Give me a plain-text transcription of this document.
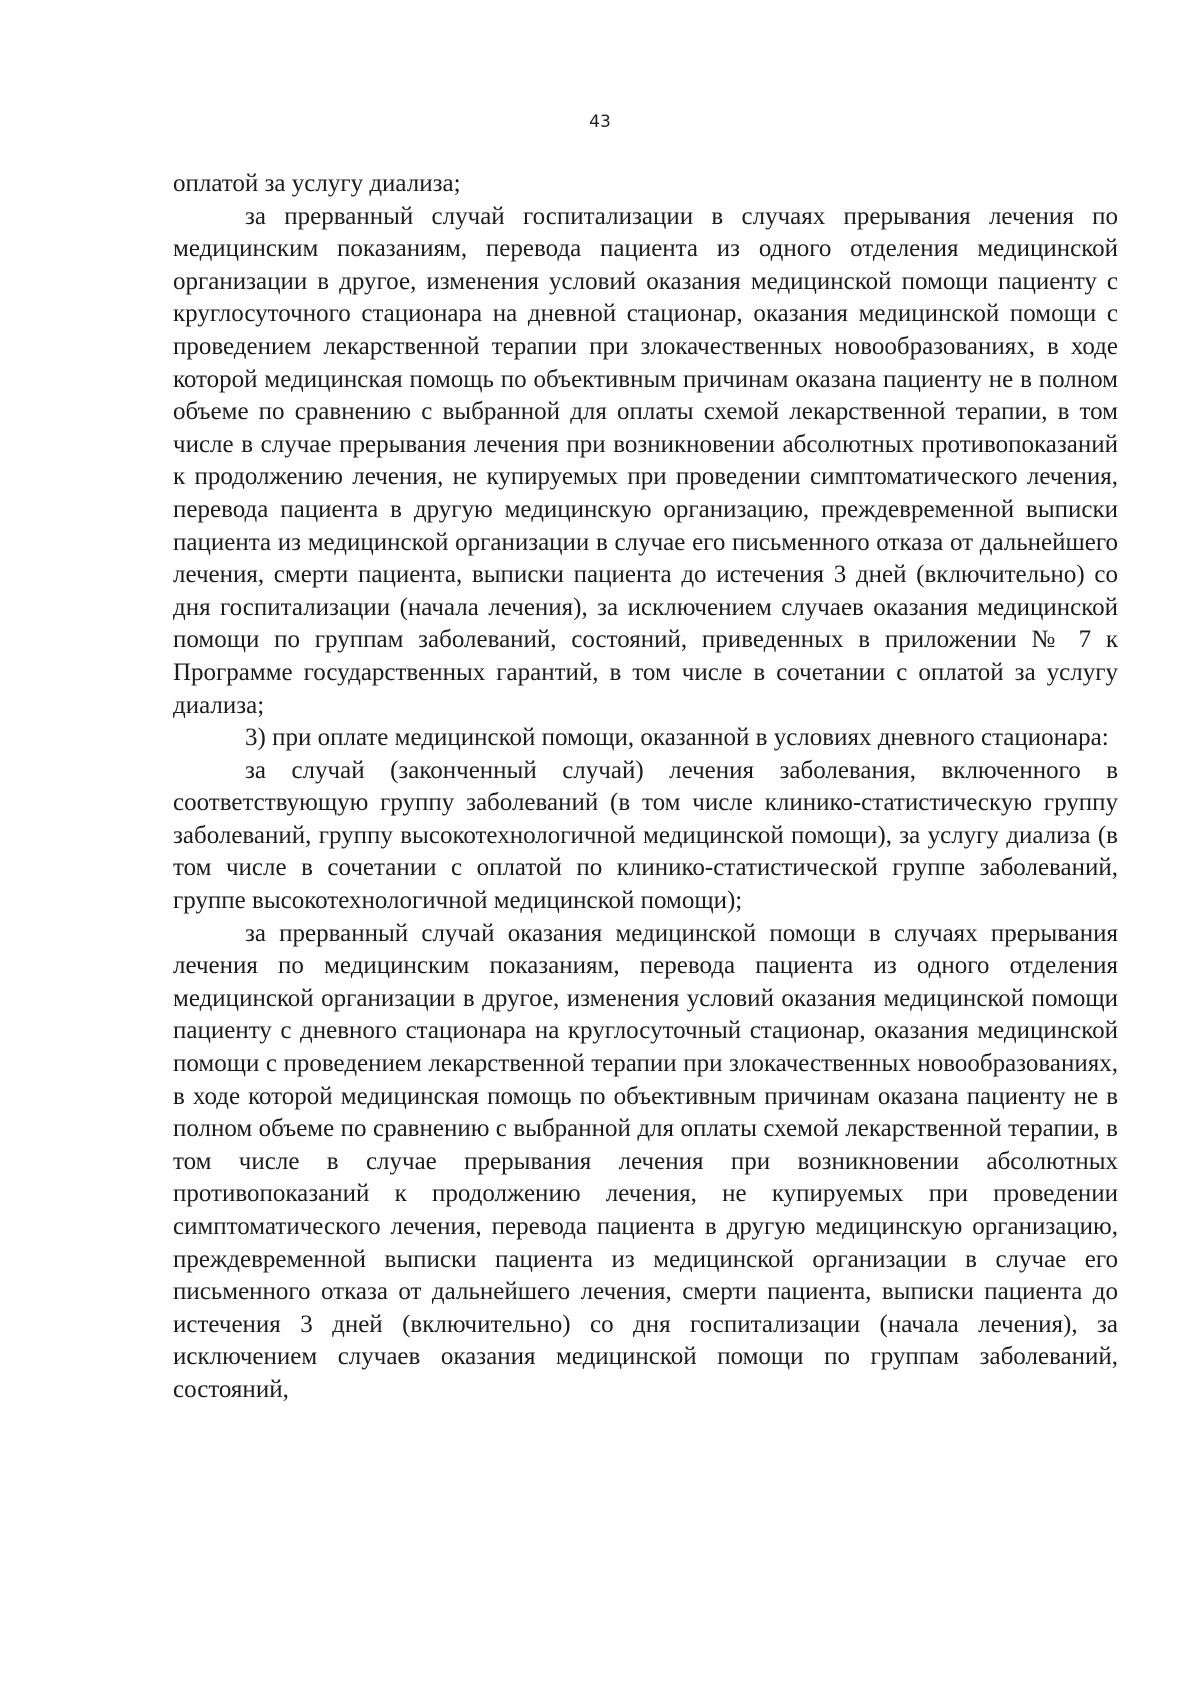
43

оплатой за услугу диализа;

за прерванный случай госпитализации в случаях прерывания лечения по медицинским показаниям, перевода пациента из одного отделения медицинской организации в другое, изменения условий оказания медицинской помощи пациенту с круглосуточного стационара на дневной стационар, оказания медицинской помощи с проведением лекарственной терапии при злокачественных новообразованиях, в ходе которой медицинская помощь по объективным причинам оказана пациенту не в полном объеме по сравнению с выбранной для оплаты схемой лекарственной терапии, в том числе в случае прерывания лечения при возникновении абсолютных противопоказаний к продолжению лечения, не купируемых при проведении симптоматического лечения, перевода пациента в другую медицинскую организацию, преждевременной выписки пациента из медицинской организации в случае его письменного отказа от дальнейшего лечения, смерти пациента, выписки пациента до истечения 3 дней (включительно) со дня госпитализации (начала лечения), за исключением случаев оказания медицинской помощи по группам заболеваний, состояний, приведенных в приложении № 7 к Программе государственных гарантий, в том числе в сочетании с оплатой за услугу диализа;

3) при оплате медицинской помощи, оказанной в условиях дневного стационара:

за случай (законченный случай) лечения заболевания, включенного в соответствующую группу заболеваний (в том числе клинико-статистическую группу заболеваний, группу высокотехнологичной медицинской помощи), за услугу диализа (в том числе в сочетании с оплатой по клинико-статистической группе заболеваний, группе высокотехнологичной медицинской помощи);

за прерванный случай оказания медицинской помощи в случаях прерывания лечения по медицинским показаниям, перевода пациента из одного отделения медицинской организации в другое, изменения условий оказания медицинской помощи пациенту с дневного стационара на круглосуточный стационар, оказания медицинской помощи с проведением лекарственной терапии при злокачественных новообразованиях, в ходе которой медицинская помощь по объективным причинам оказана пациенту не в полном объеме по сравнению с выбранной для оплаты схемой лекарственной терапии, в том числе в случае прерывания лечения при возникновении абсолютных противопоказаний к продолжению лечения, не купируемых при проведении симптоматического лечения, перевода пациента в другую медицинскую организацию, преждевременной выписки пациента из медицинской организации в случае его письменного отказа от дальнейшего лечения, смерти пациента, выписки пациента до истечения 3 дней (включительно) со дня госпитализации (начала лечения), за исключением случаев оказания медицинской помощи по группам заболеваний, состояний,
